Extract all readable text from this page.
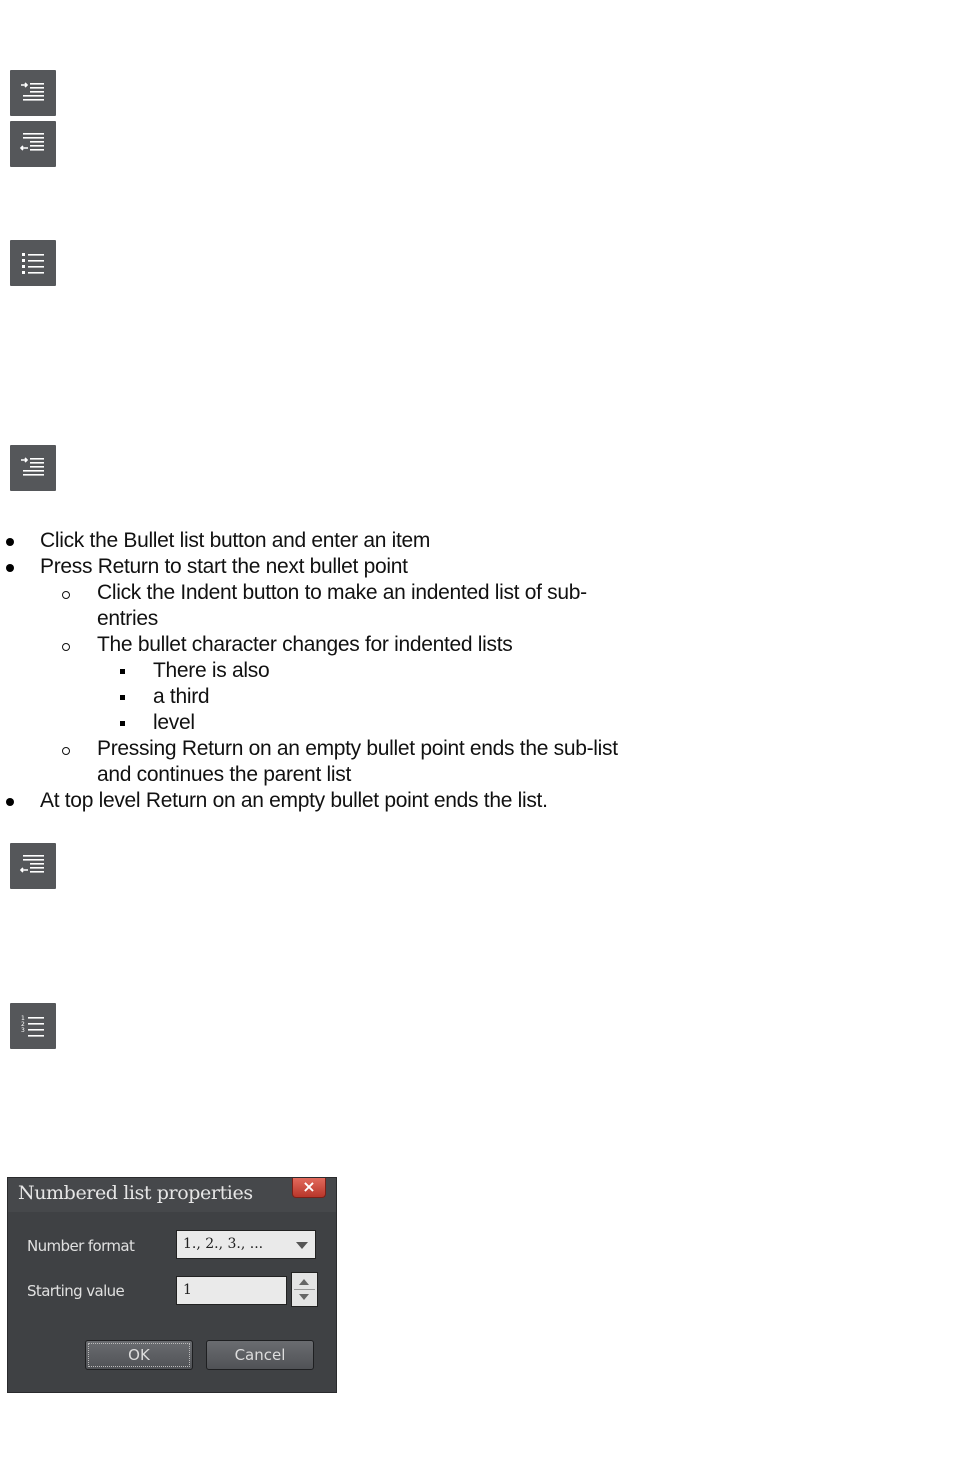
Click the Bullet list button and enter an item
Press Return to start the next bullet point
Click the Indent button to make an indented list of sub-entries
The bullet character changes for indented lists
There is also
a third
level
Pressing Return on an empty bullet point ends the sub-list and continues the parent list
At top level Return on an empty bullet point ends the list.
1
2
3
Numbered list properties	×
Number format	1., 2., 3., ...
Starting value	1
OK	Cancel
